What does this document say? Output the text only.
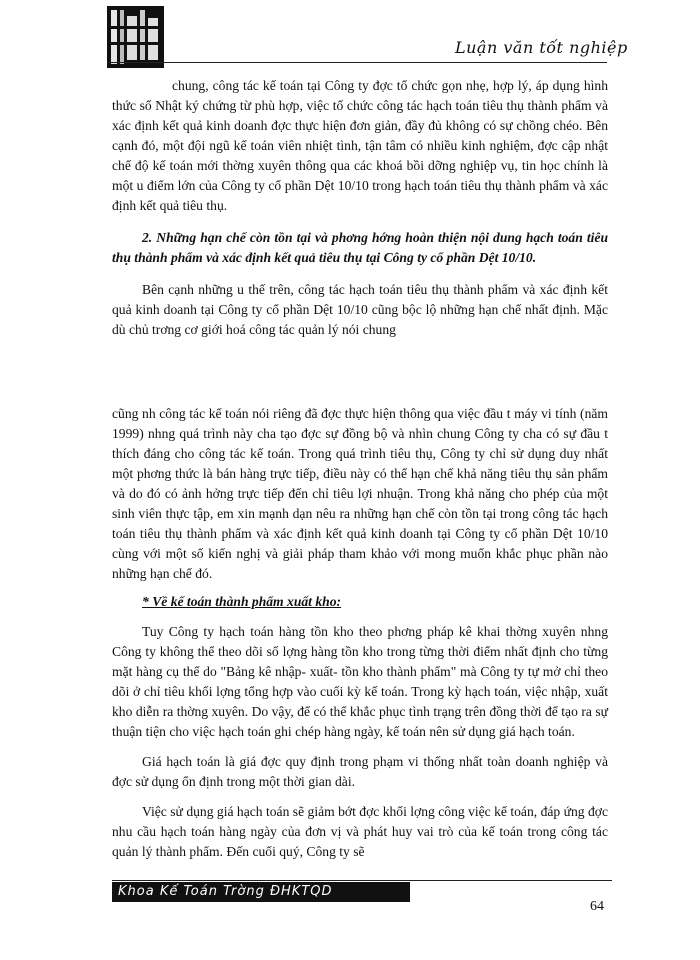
Luận văn tốt nghiệp

chung, công tác kế toán tại Công ty đợc tổ chức gọn nhẹ, hợp lý, áp dụng hình thức sổ Nhật ký chứng từ phù hợp, việc tổ chức công tác hạch toán tiêu thụ thành phẩm và xác định kết quả kinh doanh đợc thực hiện đơn giản, đầy đủ không có sự chồng chéo. Bên cạnh đó, một đội ngũ kế toán viên nhiệt tình, tận tâm có nhiều kinh nghiệm, đợc cập nhật chế độ kế toán mới thờng xuyên thông qua các khoá bồi dỡng nghiệp vụ, tin học chính là một u điểm lớn của Công ty cổ phần Dệt 10/10 trong hạch toán tiêu thụ thành phẩm và xác định kết quả tiêu thụ.

2. Những hạn chế còn tồn tại và phơng hớng hoàn thiện nội dung hạch toán tiêu thụ thành phẩm và xác định kết quả tiêu thụ tại Công ty cổ phần Dệt 10/10.

Bên cạnh những u thế trên, công tác hạch toán tiêu thụ thành phẩm và xác định kết quả kinh doanh tại Công ty cổ phần Dệt 10/10 cũng bộc lộ những hạn chế nhất định. Mặc dù chủ trơng cơ giới hoá công tác quản lý nói chung

cũng nh công tác kế toán nói riêng đã đợc thực hiện thông qua việc đầu t máy vi tính (năm 1999) nhng quá trình này cha tạo đợc sự đồng bộ và nhìn chung Công ty cha có sự đầu t thích đáng cho công tác kế toán. Trong quá trình tiêu thụ, Công ty chỉ sử dụng duy nhất một phơng thức là bán hàng trực tiếp, điều này có thể hạn chế khả năng tiêu thụ sản phẩm và do đó có ảnh hởng trực tiếp đến chỉ tiêu lợi nhuận. Trong khả năng cho phép của một sinh viên thực tập, em xin mạnh dạn nêu ra những hạn chế còn tồn tại trong công tác hạch toán tiêu thụ thành phẩm và xác định kết quả kinh doanh tại Công ty cổ phần Dệt 10/10 cùng với một số kiến nghị và giải pháp tham khảo với mong muốn khắc phục phần nào những hạn chế đó.

* Về kế toán thành phẩm xuất kho:

Tuy Công ty hạch toán hàng tồn kho theo phơng pháp kê khai thờng xuyên nhng Công ty không thể theo dõi số lợng hàng tồn kho trong từng thời điểm nhất định cho từng mặt hàng cụ thể do "Bảng kê nhập- xuất- tồn kho thành phẩm" mà Công ty tự mở chỉ theo dõi ở chỉ tiêu khối lợng tổng hợp vào cuối kỳ kế toán. Trong kỳ hạch toán, việc nhập, xuất kho diễn ra thờng xuyên. Do vậy, để có thể khắc phục tình trạng trên đồng thời để tạo ra sự thuận tiện cho việc hạch toán ghi chép hàng ngày, kế toán nên sử dụng giá hạch toán.

Giá hạch toán là giá đợc quy định trong phạm vi thống nhất toàn doanh nghiệp và đợc sử dụng ổn định trong một thời gian dài.

Việc sử dụng giá hạch toán sẽ giảm bớt đợc khối lợng công việc kế toán, đáp ứng đợc nhu cầu hạch toán hàng ngày của đơn vị và phát huy vai trò của kế toán trong công tác quản lý thành phẩm. Đến cuối quý, Công ty sẽ

Khoa Kế Toán Trờng ĐHKTQD
64
